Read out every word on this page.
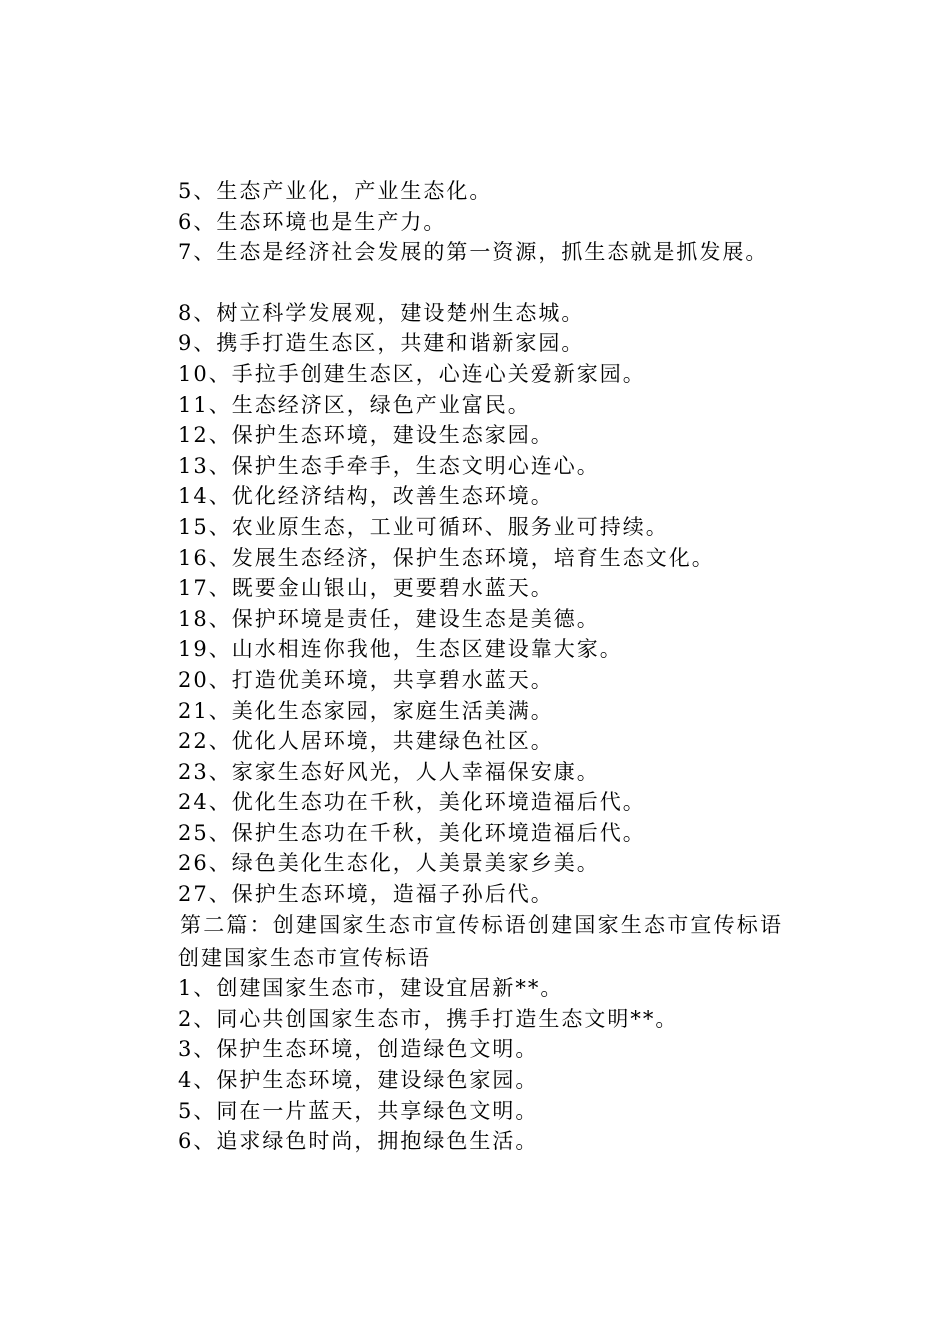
5、生态产业化，产业生态化。
6、生态环境也是生产力。
7、生态是经济社会发展的第一资源，抓生态就是抓发展。
8、树立科学发展观，建设楚州生态城。
9、携手打造生态区，共建和谐新家园。
10、手拉手创建生态区，心连心关爱新家园。
11、生态经济区，绿色产业富民。
12、保护生态环境，建设生态家园。
13、保护生态手牵手，生态文明心连心。
14、优化经济结构，改善生态环境。
15、农业原生态，工业可循环、服务业可持续。
16、发展生态经济，保护生态环境，培育生态文化。
17、既要金山银山，更要碧水蓝天。
18、保护环境是责任，建设生态是美德。
19、山水相连你我他，生态区建设靠大家。
20、打造优美环境，共享碧水蓝天。
21、美化生态家园，家庭生活美满。
22、优化人居环境，共建绿色社区。
23、家家生态好风光，人人幸福保安康。
24、优化生态功在千秋，美化环境造福后代。
25、保护生态功在千秋，美化环境造福后代。
26、绿色美化生态化，人美景美家乡美。
27、保护生态环境，造福子孙后代。
第二篇：创建国家生态市宣传标语创建国家生态市宣传标语
创建国家生态市宣传标语
1、创建国家生态市，建设宜居新**。
2、同心共创国家生态市，携手打造生态文明**。
3、保护生态环境，创造绿色文明。
4、保护生态环境，建设绿色家园。
5、同在一片蓝天，共享绿色文明。
6、追求绿色时尚，拥抱绿色生活。
